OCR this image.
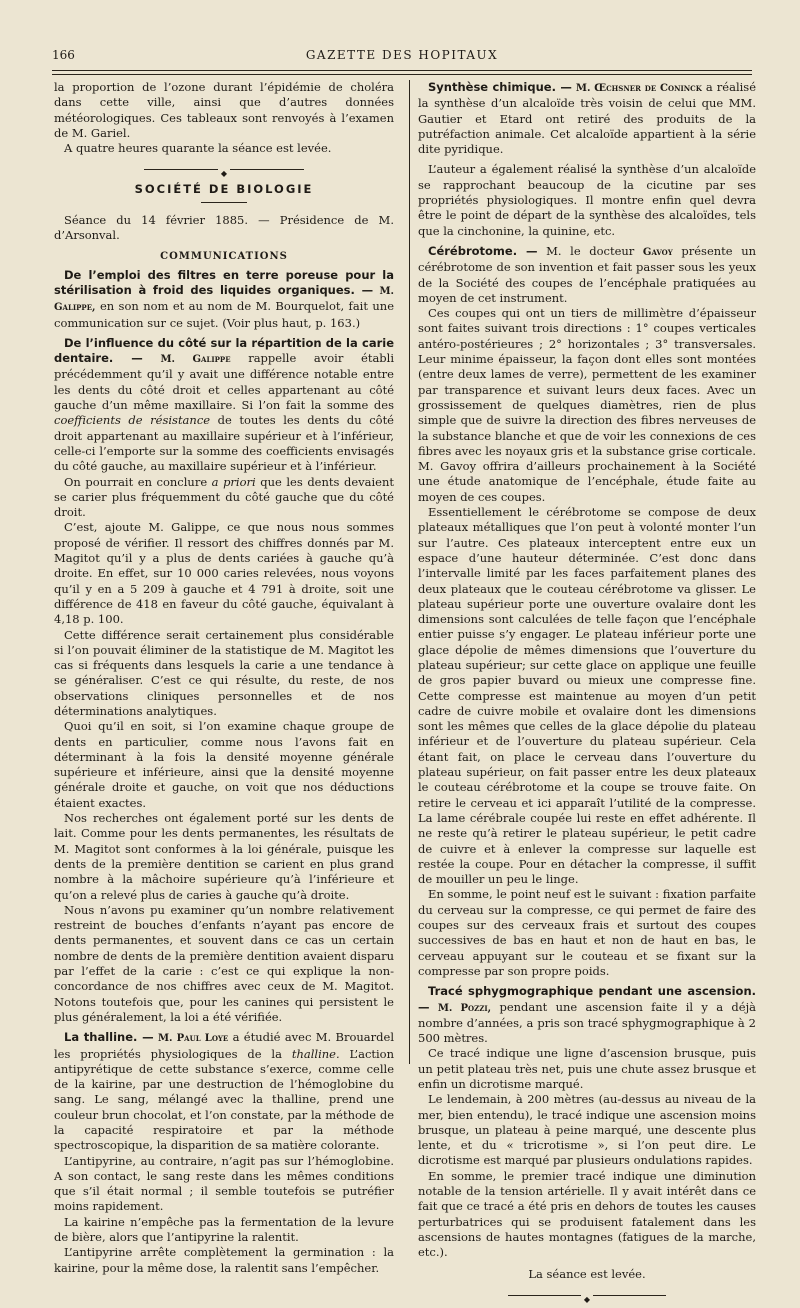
166	GAZETTE DES HOPITAUX

la proportion de l’ozone durant l’épidémie de choléra dans cette ville, ainsi que d’autres données météorologiques. Ces tableaux sont renvoyés à l’examen de M. Gariel.

A quatre heures quarante la séance est levée.

◆
SOCIÉTÉ DE BIOLOGIE

Séance du 14 février 1885. — Présidence de M. d’Arsonval.

COMMUNICATIONS

De l’emploi des filtres en terre poreuse pour la stérilisation à froid des liquides organiques. — M. Galippe, en son nom et au nom de M. Bourquelot, fait une communication sur ce sujet. (Voir plus haut, p. 163.)

De l’influence du côté sur la répartition de la carie dentaire. — M. Galippe rappelle avoir établi précédemment qu’il y avait une différence notable entre les dents du côté droit et celles appartenant au côté gauche d’un même maxillaire. Si l’on fait la somme des coefficients de résistance de toutes les dents du côté droit appartenant au maxillaire supérieur et à l’inférieur, celle-ci l’emporte sur la somme des coefficients envisagés du côté gauche, au maxillaire supérieur et à l’inférieur.

On pourrait en conclure a priori que les dents devaient se carier plus fréquemment du côté gauche que du côté droit.

C’est, ajoute M. Galippe, ce que nous nous sommes proposé de vérifier. Il ressort des chiffres donnés par M. Magitot qu’il y a plus de dents cariées à gauche qu’à droite. En effet, sur 10 000 caries relevées, nous voyons qu’il y en a 5 209 à gauche et 4 791 à droite, soit une différence de 418 en faveur du côté gauche, équivalant à 4,18 p. 100.

Cette différence serait certainement plus considérable si l’on pouvait éliminer de la statistique de M. Magitot les cas si fréquents dans lesquels la carie a une tendance à se généraliser. C’est ce qui résulte, du reste, de nos observations cliniques personnelles et de nos déterminations analytiques.

Quoi qu’il en soit, si l’on examine chaque groupe de dents en particulier, comme nous l’avons fait en déterminant à la fois la densité moyenne générale supérieure et inférieure, ainsi que la densité moyenne générale droite et gauche, on voit que nos déductions étaient exactes.

Nos recherches ont également porté sur les dents de lait. Comme pour les dents permanentes, les résultats de M. Magitot sont conformes à la loi générale, puisque les dents de la première dentition se carient en plus grand nombre à la mâchoire supérieure qu’à l’inférieure et qu’on a relevé plus de caries à gauche qu’à droite.

Nous n’avons pu examiner qu’un nombre relativement restreint de bouches d’enfants n’ayant pas encore de dents permanentes, et souvent dans ce cas un certain nombre de dents de la première dentition avaient disparu par l’effet de la carie : c’est ce qui explique la non-concordance de nos chiffres avec ceux de M. Magitot. Notons toutefois que, pour les canines qui persistent le plus généralement, la loi a été vérifiée.

La thalline. — M. Paul Loye a étudié avec M. Brouardel les propriétés physiologiques de la thalline. L’action antipyrétique de cette substance s’exerce, comme celle de la kairine, par une destruction de l’hémoglobine du sang. Le sang, mélangé avec la thalline, prend une couleur brun chocolat, et l’on constate, par la méthode de la capacité respiratoire et par la méthode spectroscopique, la disparition de sa matière colorante.

L’antipyrine, au contraire, n’agit pas sur l’hémoglobine. A son contact, le sang reste dans les mêmes conditions que s’il était normal ; il semble toutefois se putréfier moins rapidement.

La kairine n’empêche pas la fermentation de la levure de bière, alors que l’antipyrine la ralentit.

L’antipyrine arrête complètement la germination : la kairine, pour la même dose, la ralentit sans l’empêcher.

Synthèse chimique. — M. Œchsner de Coninck a réalisé la synthèse d’un alcaloïde très voisin de celui que MM. Gautier et Etard ont retiré des produits de la putréfaction animale. Cet alcaloïde appartient à la série dite pyridique.

L’auteur a également réalisé la synthèse d’un alcaloïde se rapprochant beaucoup de la cicutine par ses propriétés physiologiques. Il montre enfin quel devra être le point de départ de la synthèse des alcaloïdes, tels que la cinchonine, la quinine, etc.

Cérébrotome. — M. le docteur Gavoy présente un cérébrotome de son invention et fait passer sous les yeux de la Société des coupes de l’encéphale pratiquées au moyen de cet instrument.

Ces coupes qui ont un tiers de millimètre d’épaisseur sont faites suivant trois directions : 1° coupes verticales antéro-postérieures ; 2° horizontales ; 3° transversales. Leur minime épaisseur, la façon dont elles sont montées (entre deux lames de verre), permettent de les examiner par transparence et suivant leurs deux faces. Avec un grossissement de quelques diamètres, rien de plus simple que de suivre la direction des fibres nerveuses de la substance blanche et que de voir les connexions de ces fibres avec les noyaux gris et la substance grise corticale. M. Gavoy offrira d’ailleurs prochainement à la Société une étude anatomique de l’encéphale, étude faite au moyen de ces coupes.

Essentiellement le cérébrotome se compose de deux plateaux métalliques que l’on peut à volonté monter l’un sur l’autre. Ces plateaux interceptent entre eux un espace d’une hauteur déterminée. C’est donc dans l’intervalle limité par les faces parfaitement planes des deux plateaux que le couteau cérébrotome va glisser. Le plateau supérieur porte une ouverture ovalaire dont les dimensions sont calculées de telle façon que l’encéphale entier puisse s’y engager. Le plateau inférieur porte une glace dépolie de mêmes dimensions que l’ouverture du plateau supérieur; sur cette glace on applique une feuille de gros papier buvard ou mieux une compresse fine. Cette compresse est maintenue au moyen d’un petit cadre de cuivre mobile et ovalaire dont les dimensions sont les mêmes que celles de la glace dépolie du plateau inférieur et de l’ouverture du plateau supérieur. Cela étant fait, on place le cerveau dans l’ouverture du plateau supérieur, on fait passer entre les deux plateaux le couteau cérébrotome et la coupe se trouve faite. On retire le cerveau et ici apparaît l’utilité de la compresse. La lame cérébrale coupée lui reste en effet adhérente. Il ne reste qu’à retirer le plateau supérieur, le petit cadre de cuivre et à enlever la compresse sur laquelle est restée la coupe. Pour en détacher la compresse, il suffit de mouiller un peu le linge.

En somme, le point neuf est le suivant : fixation parfaite du cerveau sur la compresse, ce qui permet de faire des coupes sur des cerveaux frais et surtout des coupes successives de bas en haut et non de haut en bas, le cerveau appuyant sur le couteau et se fixant sur la compresse par son propre poids.

Tracé sphygmographique pendant une ascension. — M. Pozzi, pendant une ascension faite il y a déjà nombre d’années, a pris son tracé sphygmographique à 2 500 mètres.

Ce tracé indique une ligne d’ascension brusque, puis un petit plateau très net, puis une chute assez brusque et enfin un dicrotisme marqué.

Le lendemain, à 200 mètres (au-dessus au niveau de la mer, bien entendu), le tracé indique une ascension moins brusque, un plateau à peine marqué, une descente plus lente, et du « tricrotisme », si l’on peut dire. Le dicrotisme est marqué par plusieurs ondulations rapides.

En somme, le premier tracé indique une diminution notable de la tension artérielle. Il y avait intérêt dans ce fait que ce tracé a été pris en dehors de toutes les causes perturbatrices qui se produisent fatalement dans les ascensions de hautes montagnes (fatigues de la marche, etc.).

La séance est levée.

◆
